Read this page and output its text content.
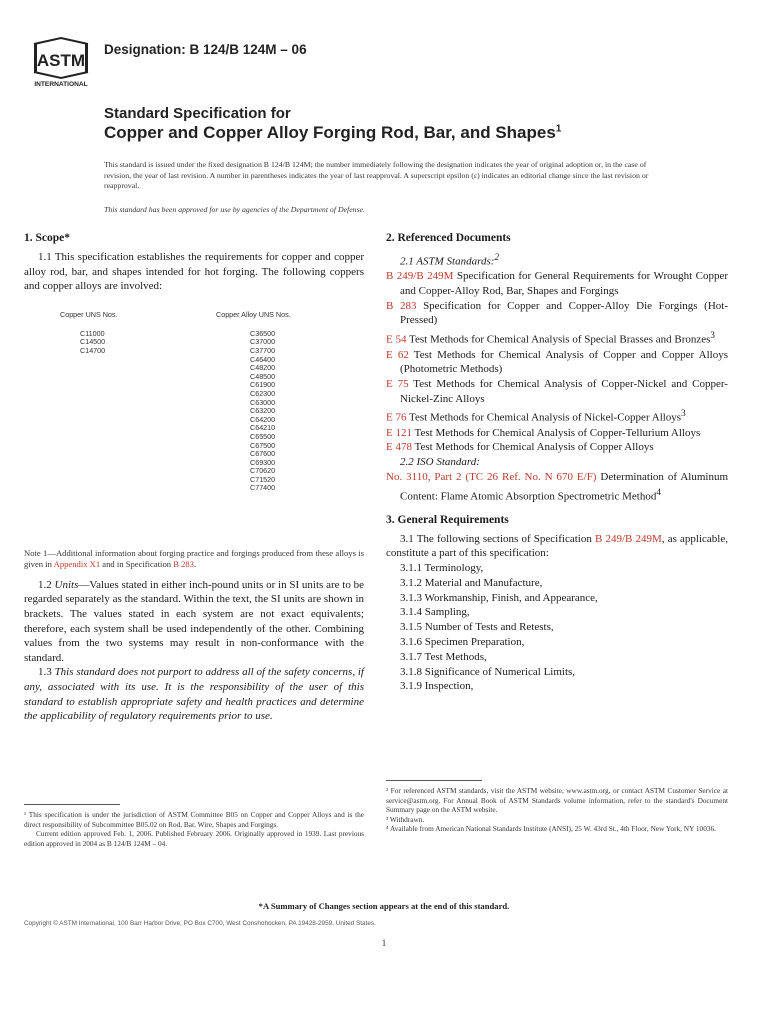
ASTM
INTERNATIONAL
Designation: B 124/B 124M – 06
Standard Specification for
Copper and Copper Alloy Forging Rod, Bar, and Shapes$^1$
This standard is issued under the fixed designation B 124/B 124M; the number immediately following the designation indicates the year of original adoption or, in the case of revision, the year of last revision. A number in parentheses indicates the year of last reapproval. A superscript epsilon (ε) indicates an editorial change since the last revision or reapproval.
This standard has been approved for use by agencies of the Department of Defense.
1. Scope*

1.1 This specification establishes the requirements for copper and copper alloy rod, bar, and shapes intended for hot forging. The following coppers and copper alloys are involved:

Copper UNS Nos.	Copper Alloy UNS Nos.
C11000
C14500
C14700
C36500
C37000
C37700
C46400
C48200
C48500
C61900
C62300
C63000
C63200
C64200
C64210
C65500
C67500
C67600
C69300
C70620
C71520
C77400
Note 1—Additional information about forging practice and forgings produced from these alloys is given in Appendix X1 and in Specification B 283.

1.2 Units—Values stated in either inch-pound units or in SI units are to be regarded separately as the standard. Within the text, the SI units are shown in brackets. The values stated in each system are not exact equivalents; therefore, each system shall be used independently of the other. Combining values from the two systems may result in non-conformance with the standard.

1.3 This standard does not purport to address all of the safety concerns, if any, associated with its use. It is the responsibility of the user of this standard to establish appropriate safety and health practices and determine the applicability of regulatory requirements prior to use.

2. Referenced Documents
2.1 ASTM Standards:$^2$

B 249/B 249M Specification for General Requirements for Wrought Copper and Copper-Alloy Rod, Bar, Shapes and Forgings

B 283 Specification for Copper and Copper-Alloy Die Forgings (Hot-Pressed)

E 54 Test Methods for Chemical Analysis of Special Brasses and Bronzes$^3$

E 62 Test Methods for Chemical Analysis of Copper and Copper Alloys (Photometric Methods)

E 75 Test Methods for Chemical Analysis of Copper-Nickel and Copper-Nickel-Zinc Alloys

E 76 Test Methods for Chemical Analysis of Nickel-Copper Alloys$^3$

E 121 Test Methods for Chemical Analysis of Copper-Tellurium Alloys

E 478 Test Methods for Chemical Analysis of Copper Alloys

2.2 ISO Standard:

No. 3110, Part 2 (TC 26 Ref. No. N 670 E/F) Determination of Aluminum Content: Flame Atomic Absorption Spectrometric Method$^4$

3. General Requirements

3.1 The following sections of Specification B 249/B 249M, as applicable, constitute a part of this specification:

3.1.1 Terminology,
3.1.2 Material and Manufacture,
3.1.3 Workmanship, Finish, and Appearance,
3.1.4 Sampling,
3.1.5 Number of Tests and Retests,
3.1.6 Specimen Preparation,
3.1.7 Test Methods,
3.1.8 Significance of Numerical Limits,
3.1.9 Inspection,
¹ This specification is under the jurisdiction of ASTM Committee B05 on Copper and Copper Alloys and is the direct responsibility of Subcommittee B05.02 on Rod, Bar, Wire, Shapes and Forgings.
Current edition approved Feb. 1, 2006. Published February 2006. Originally approved in 1939. Last previous edition approved in 2004 as B 124/B 124M – 04.
² For referenced ASTM standards, visit the ASTM website, www.astm.org, or contact ASTM Customer Service at service@astm.org. For Annual Book of ASTM Standards volume information, refer to the standard's Document Summary page on the ASTM website.
³ Withdrawn.
⁴ Available from American National Standards Institute (ANSI), 25 W. 43rd St., 4th Floor, New York, NY 10036.
*A Summary of Changes section appears at the end of this standard.
Copyright © ASTM International, 100 Barr Harbor Drive, PO Box C700, West Conshohocken, PA 19428-2959, United States.
1
